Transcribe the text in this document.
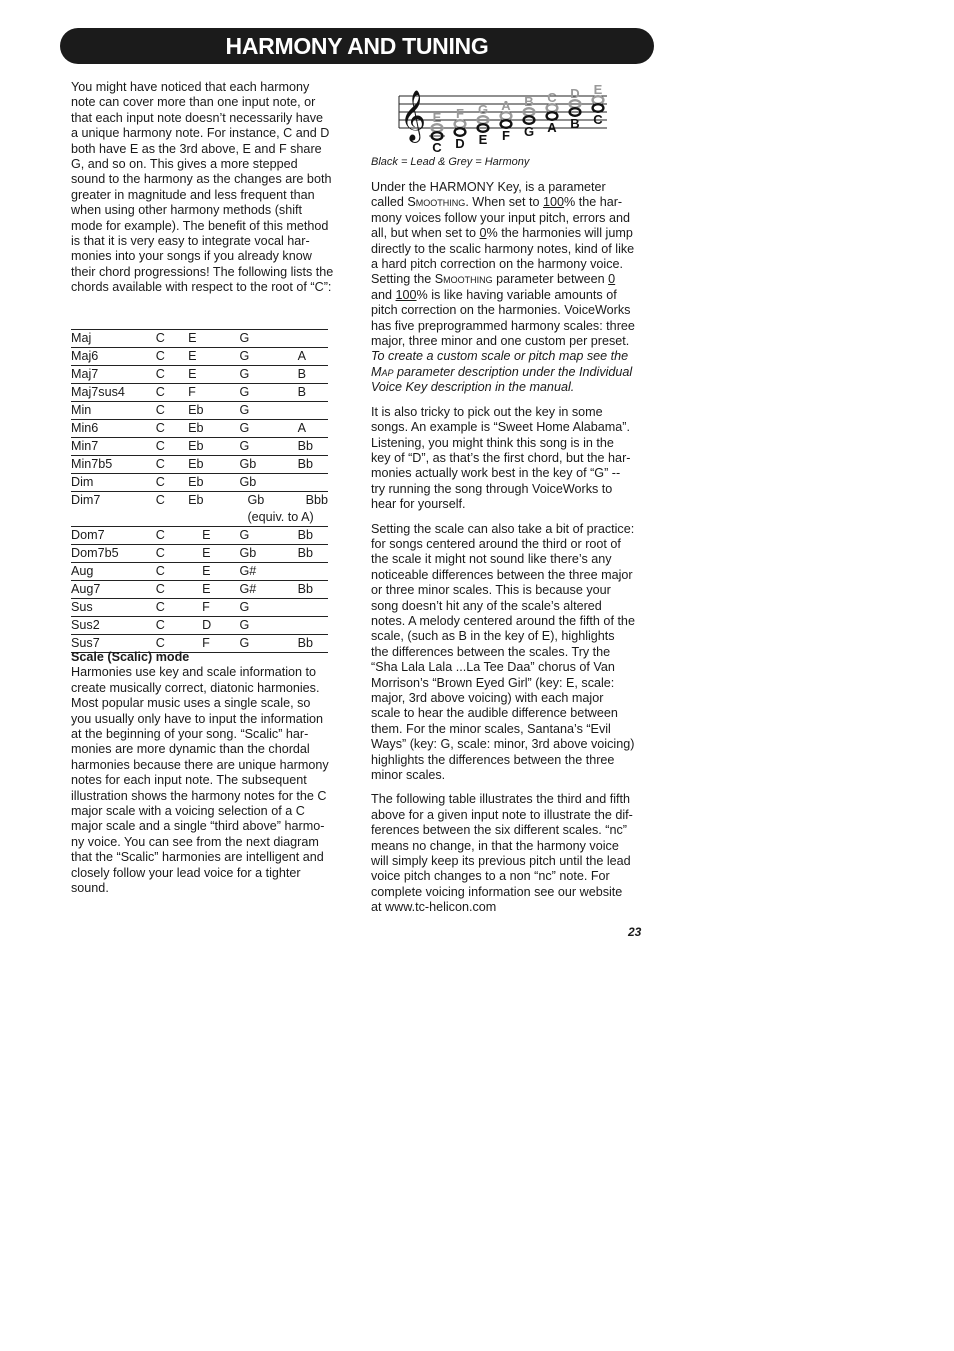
HARMONY AND TUNING

You might have noticed that each harmony
note can cover more than one input note, or
that each input note doesn’t necessarily have
a unique harmony note. For instance, C and D
both have E as the 3rd above, E and F share
G, and so on. This gives a more stepped
sound to the harmony as the changes are both
greater in magnitude and less frequent than
when using other harmony methods (shift
mode for example). The benefit of this method
is that it is very easy to integrate vocal har-
monies into your songs if you already know
their chord progressions! The following lists the
chords available with respect to the root of “C”:

Maj	C	E	G	
Maj6	C	E	G	A
Maj7	C	E	G	B
Maj7sus4	C	F	G	B
Min	C	Eb	G	
Min6	C	Eb	G	A
Min7	C	Eb	G	Bb
Min7b5	C	Eb	Gb	Bb
Dim	C	Eb	Gb	
Dim7	C	Eb	Gb	Bbb
			(equiv. to A)	
Dom7	C	E	G	Bb
Dom7b5	C	E	Gb	Bb
Aug	C	E	G#	
Aug7	C	E	G#	Bb
Sus	C	F	G	
Sus2	C	D	G	
Sus7	C	F	G	Bb
Scale (Scalic) mode

Harmonies use key and scale information to
create musically correct, diatonic harmonies.
Most popular music uses a single scale, so
you usually only have to input the information
at the beginning of your song. “Scalic” har-
monies are more dynamic than the chordal
harmonies because there are unique harmony
notes for each input note. The subsequent
illustration shows the harmony notes for the C
major scale with a voicing selection of a C
major scale and a single “third above” harmo-
ny voice. You can see from the next diagram
that the “Scalic” harmonies are intelligent and
closely follow your lead voice for a tighter
sound.

𝄞 E
C
F
D
G
E
A
F
B
G
C
A
D
B
E
C
Black = Lead & Grey = Harmony

Under the HARMONY Key, is a parameter
called Smoothing. When set to 100% the har-
mony voices follow your input pitch, errors and
all, but when set to 0% the harmonies will jump
directly to the scalic harmony notes, kind of like
a hard pitch correction on the harmony voice.
Setting the Smoothing parameter between 0
and 100% is like having variable amounts of
pitch correction on the harmonies. VoiceWorks
has five preprogrammed harmony scales: three
major, three minor and one custom per preset.
To create a custom scale or pitch map see the
Map parameter description under the Individual
Voice Key description in the manual.

It is also tricky to pick out the key in some
songs. An example is “Sweet Home Alabama”.
Listening, you might think this song is in the
key of “D”, as that’s the first chord, but the har-
monies actually work best in the key of “G” --
try running the song through VoiceWorks to
hear for yourself.

Setting the scale can also take a bit of practice:
for songs centered around the third or root of
the scale it might not sound like there’s any
noticeable differences between the three major
or three minor scales. This is because your
song doesn’t hit any of the scale’s altered
notes. A melody centered around the fifth of the
scale, (such as B in the key of E), highlights
the differences between the scales. Try the
“Sha Lala Lala ...La Tee Daa” chorus of Van
Morrison’s “Brown Eyed Girl” (key: E, scale:
major, 3rd above voicing) with each major
scale to hear the audible difference between
them. For the minor scales, Santana’s “Evil
Ways” (key: G, scale: minor, 3rd above voicing)
highlights the differences between the three
minor scales.

The following table illustrates the third and fifth
above for a given input note to illustrate the dif-
ferences between the six different scales. “nc”
means no change, in that the harmony voice
will simply keep its previous pitch until the lead
voice pitch changes to a non “nc” note. For
complete voicing information see our website
at www.tc-helicon.com

23
